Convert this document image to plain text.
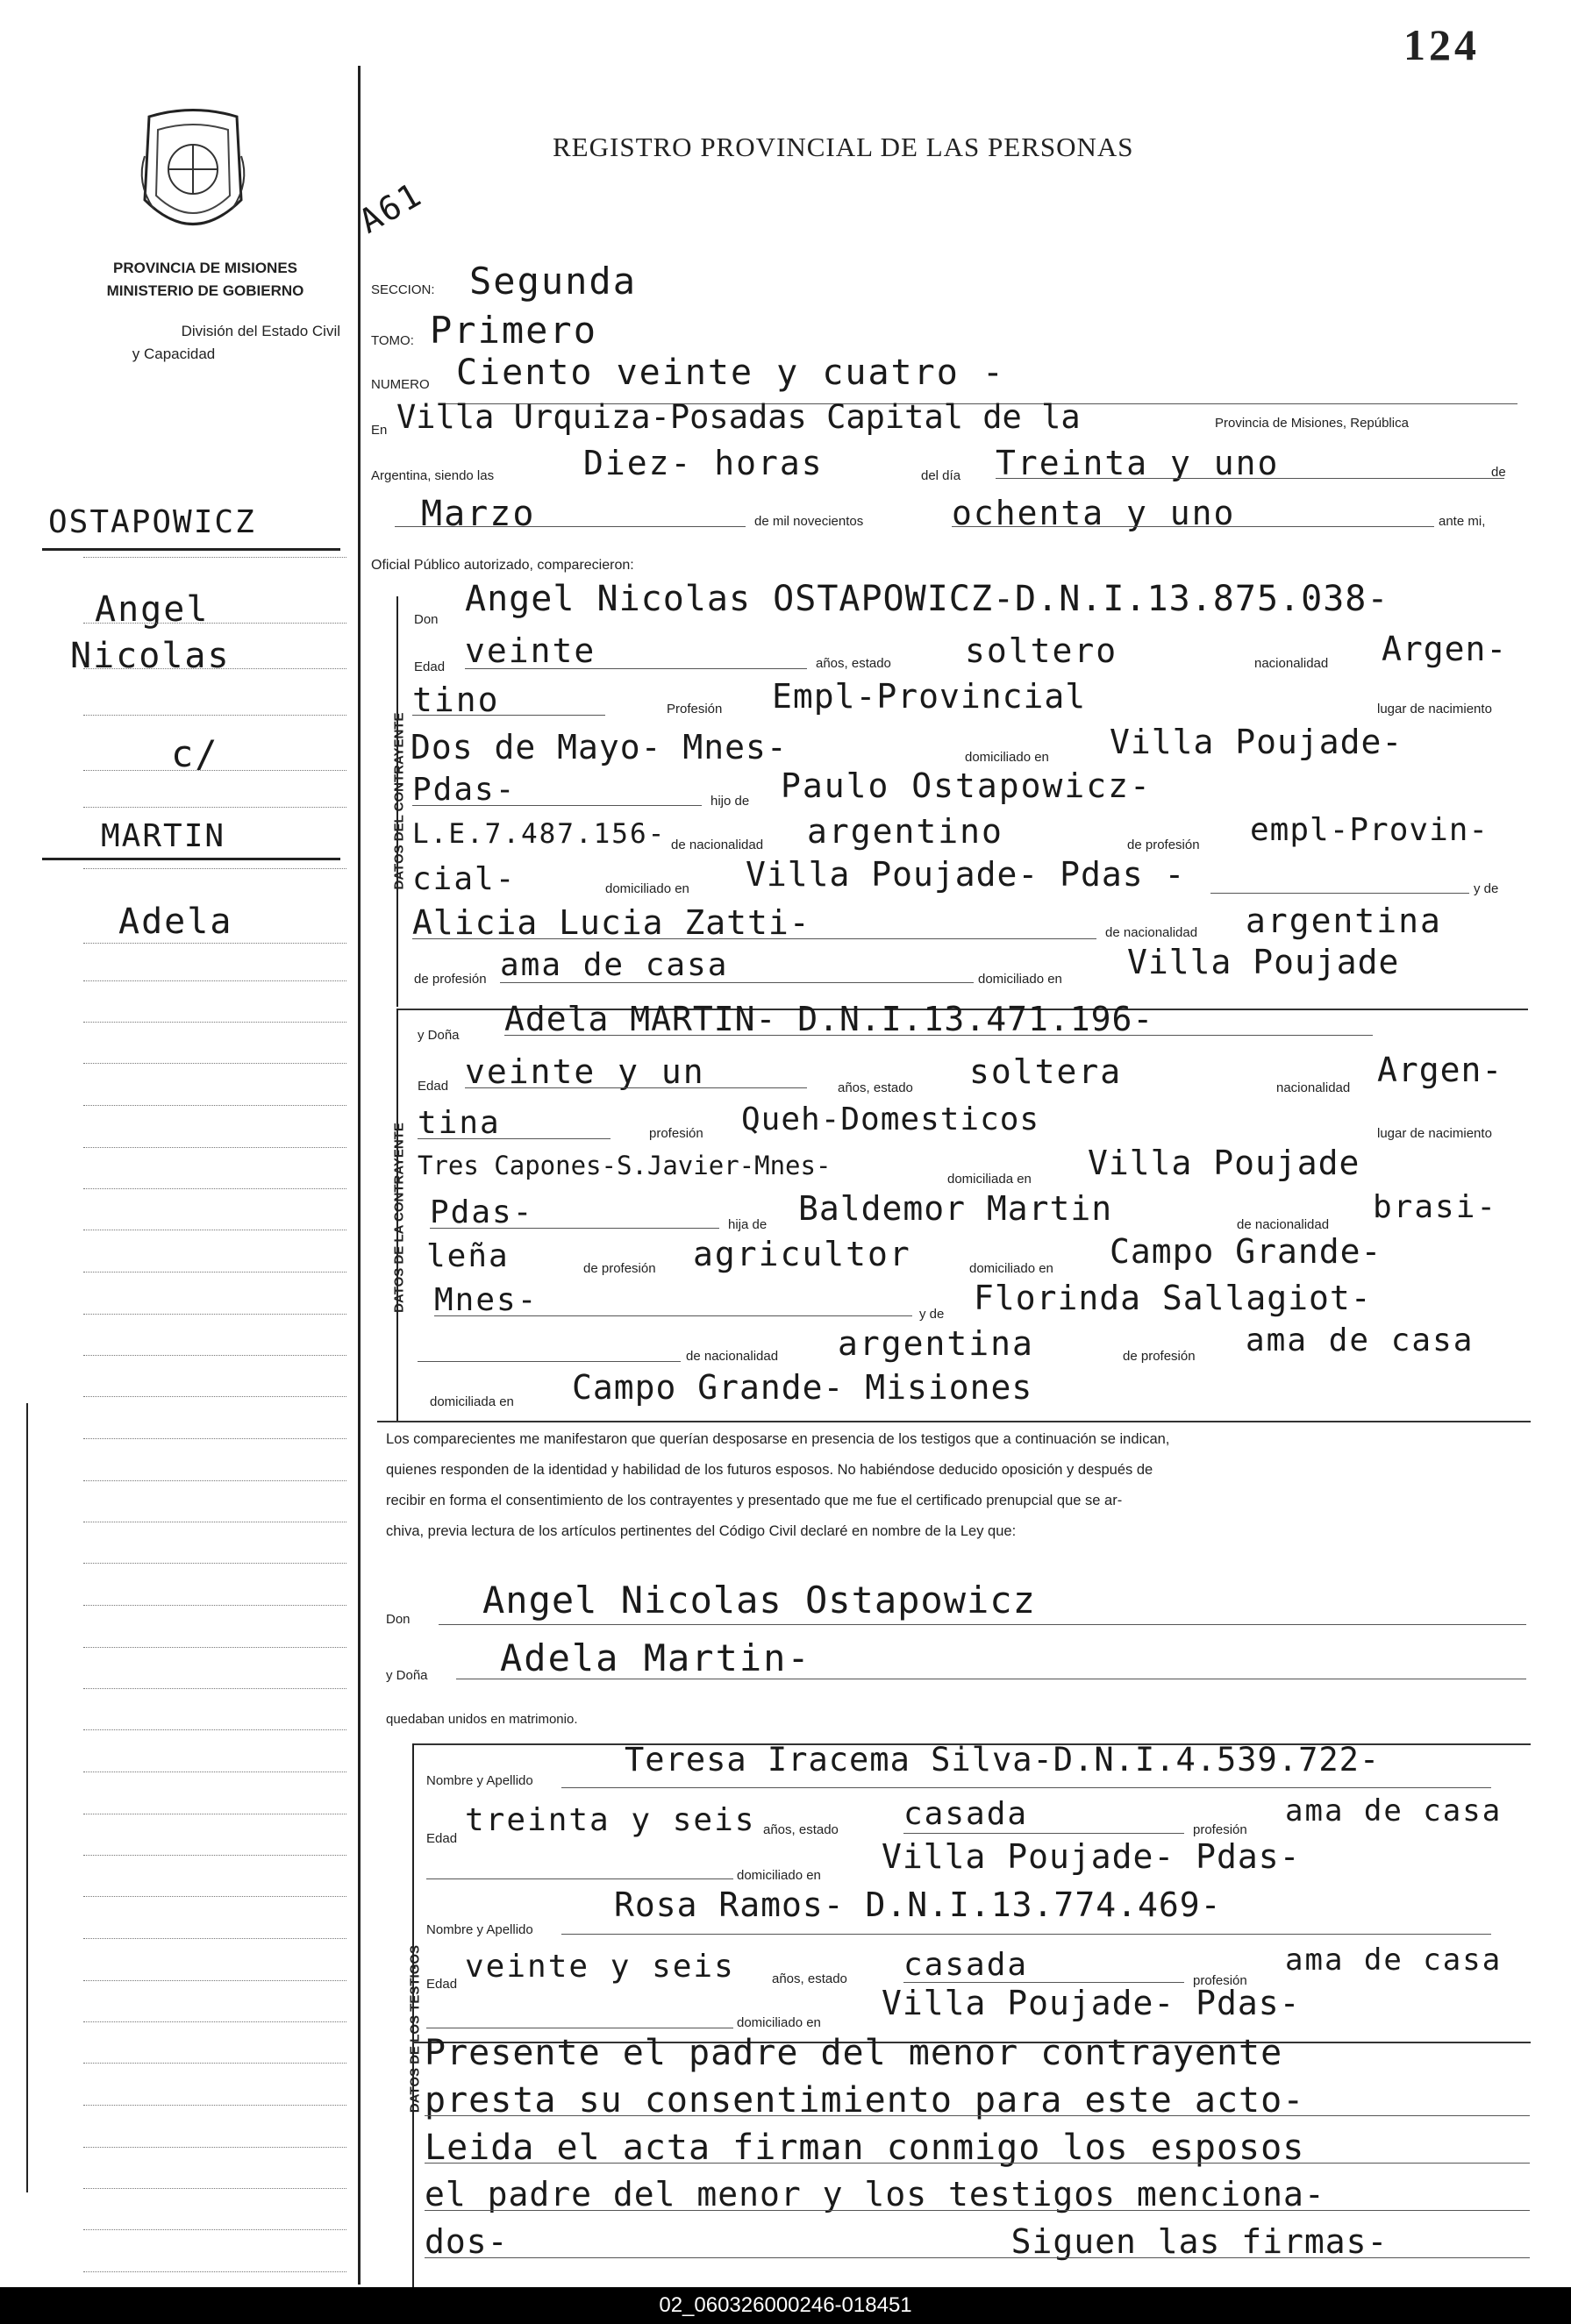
124
PROVINCIA DE MISIONES
MINISTERIO DE GOBIERNO
División del Estado Civil
y Capacidad
REGISTRO PROVINCIAL DE LAS PERSONAS
A61
OSTAPOWICZ
Angel
Nicolas
c/
MARTIN
Adela
SECCION: Segunda
TOMO: Primero
NUMERO Ciento veinte y cuatro -
En Villa Urquiza-Posadas Capital de la	Provincia de Misiones, República
Argentina, siendo las	Diez- horas	del día Treinta y uno	de
Marzo	de mil novecientos	ochenta y uno	ante mi,
Oficial Público autorizado, comparecieron:
DATOS DEL CONTRAYENTE
Don
Angel Nicolas OSTAPOWICZ-D.N.I.13.875.038-
Edad veinte	años, estado soltero	nacionalidad Argen-
tino	Profesión Empl-Provincial	lugar de nacimiento
Dos de Mayo- Mnes-	domiciliado en Villa Poujade-
Pdas-	hijo de Paulo Ostapowicz-
L.E.7.487.156- de nacionalidad argentino	de profesión empl-Provin-
cial-	domiciliado en Villa Poujade- Pdas -	y de
Alicia Lucia Zatti-	de nacionalidad argentina
de profesión ama de casa	domiciliado en Villa Poujade
DATOS DE LA CONTRAYENTE
y Doña Adela MARTIN- D.N.I.13.471.196-
Edad veinte y un	años, estado soltera	nacionalidad Argen-
tina	profesión Queh-Domesticos	lugar de nacimiento
Tres Capones-S.Javier-Mnes-	domiciliada en Villa Poujade
Pdas-	hija de Baldemor Martin	de nacionalidad brasi-
leña	de profesión agricultor	domiciliado en Campo Grande-
Mnes-	y de Florinda Sallagiot-
de nacionalidad argentina	de profesión ama de casa
domiciliada en Campo Grande- Misiones
Los comparecientes me manifestaron que querían desposarse en presencia de los testigos que a continuación se indican,
quienes responden de la identidad y habilidad de los futuros esposos. No habiéndose deducido oposición y después de
recibir en forma el consentimiento de los contrayentes y presentado que me fue el certificado prenupcial que se ar-
chiva, previa lectura de los artículos pertinentes del Código Civil declaré en nombre de la Ley que:
Don Angel Nicolas Ostapowicz
y Doña Adela Martin-
quedaban unidos en matrimonio.
DATOS DE LOS TESTIGOS
Nombre y Apellido
Teresa Iracema Silva-D.N.I.4.539.722-
Edad
treinta y seis años, estado casada	profesión
ama de casa
domiciliado en Villa Poujade- Pdas-
Nombre y Apellido
Rosa Ramos- D.N.I.13.774.469-
Edad veinte y seis	años, estado casada	profesión
ama de casa
domiciliado en
Villa Poujade- Pdas-
Presente el padre del menor contrayente
presta su consentimiento para este acto-
Leida el acta firman conmigo los esposos
el padre del menor y los testigos menciona-
dos-                        Siguen las firmas-
02_060326000246-018451
